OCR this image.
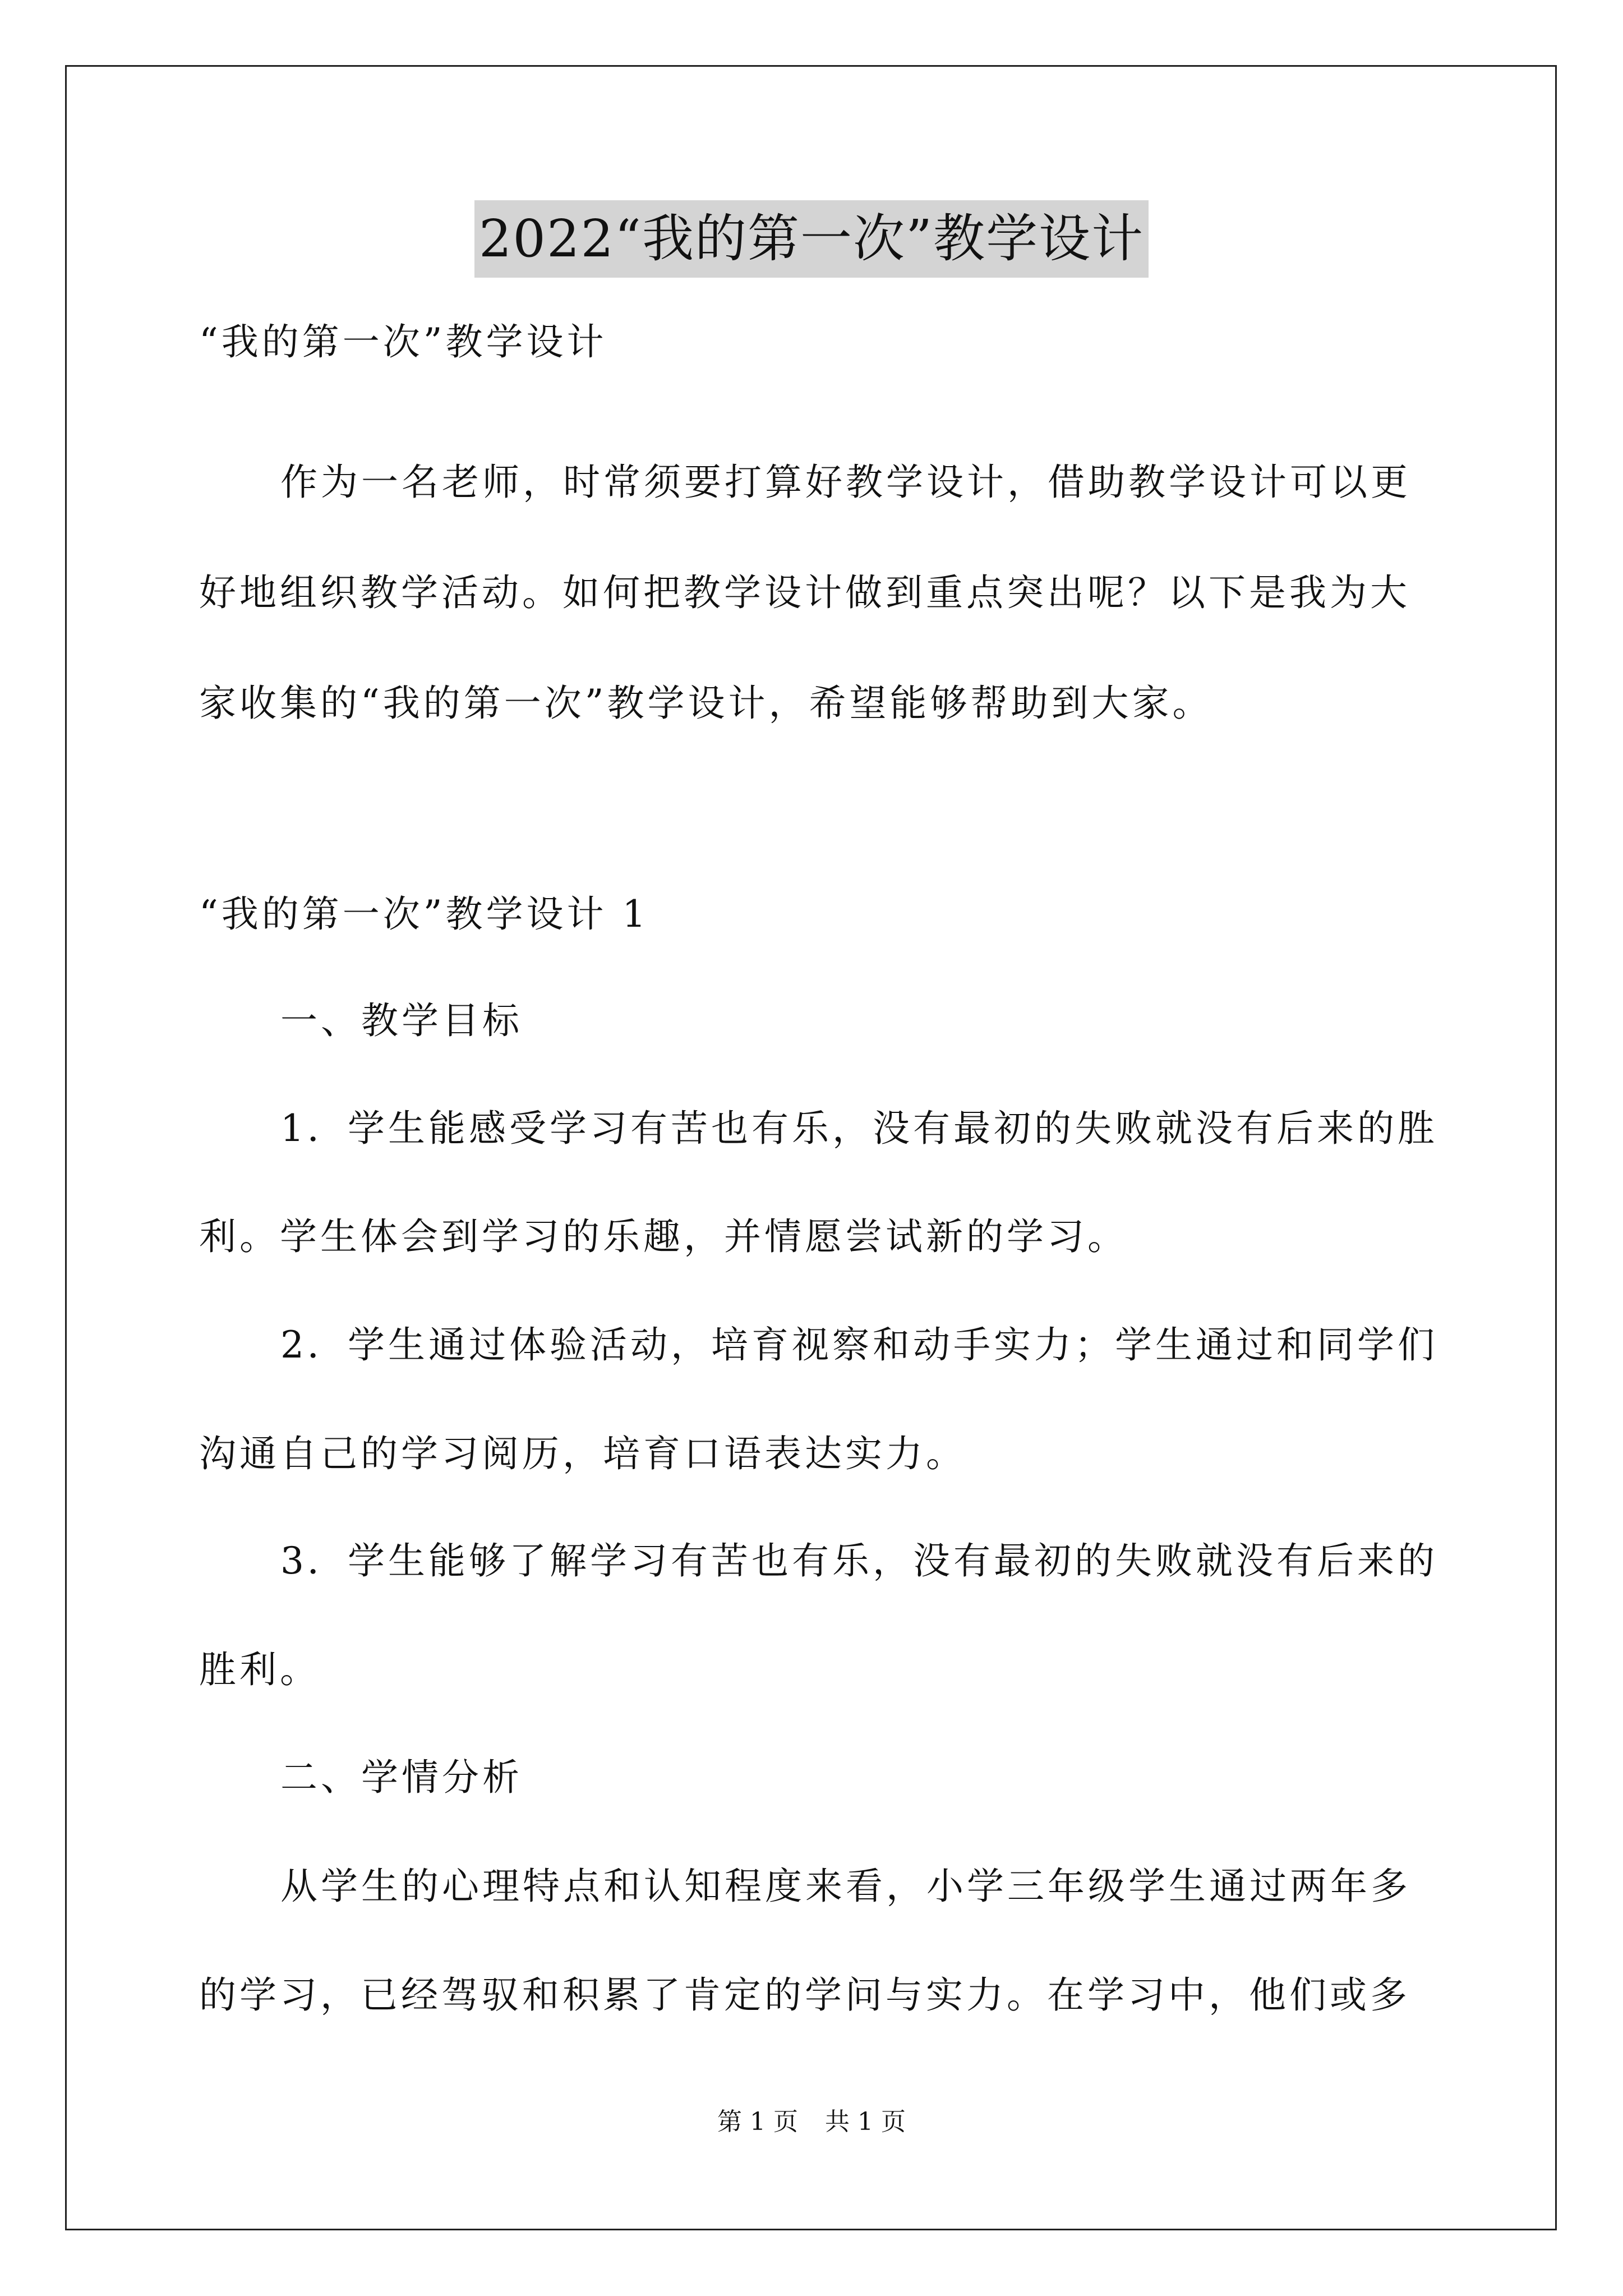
2022“我的第一次”教学设计
“我的第一次”教学设计
作为一名老师，时常须要打算好教学设计，借助教学设计可以更
好地组织教学活动。如何把教学设计做到重点突出呢？以下是我为大
家收集的“我的第一次”教学设计，希望能够帮助到大家。
“我的第一次”教学设计 1
一、教学目标
1．学生能感受学习有苦也有乐，没有最初的失败就没有后来的胜
利。学生体会到学习的乐趣，并情愿尝试新的学习。
2．学生通过体验活动，培育视察和动手实力；学生通过和同学们
沟通自己的学习阅历，培育口语表达实力。
3．学生能够了解学习有苦也有乐，没有最初的失败就没有后来的
胜利。
二、学情分析
从学生的心理特点和认知程度来看，小学三年级学生通过两年多
的学习，已经驾驭和积累了肯定的学问与实力。在学习中，他们或多
第 1 页 共 1 页
